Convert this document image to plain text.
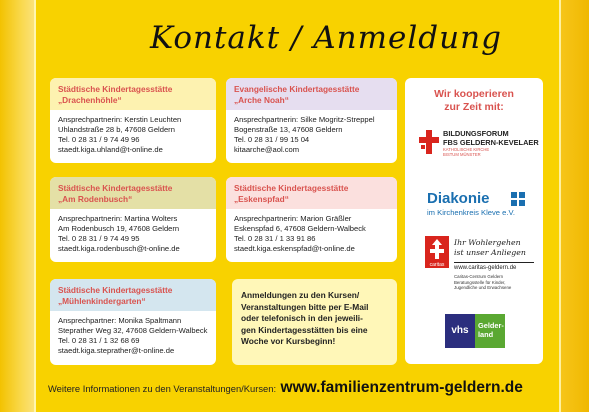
Kontakt / Anmeldung
Städtische Kindertagesstätte
„Drachenhöhle“
Ansprechpartnerin: Kerstin Leuchten
Uhlandstraße 28 b, 47608 Geldern
Tel. 0 28 31 / 9 74 49 96
staedt.kiga.uhland@t-online.de
Evangelische Kindertagesstätte
„Arche Noah“
Ansprechpartnerin: Silke Mogritz-Streppel
Bogenstraße 13, 47608 Geldern
Tel. 0 28 31 / 99 15 04
kitaarche@aol.com
Städtische Kindertagesstätte
„Am Rodenbusch“
Ansprechpartnerin: Martina Wolters
Am Rodenbusch 19, 47608 Geldern
Tel. 0 28 31 / 9 74 49 95
staedt.kiga.rodenbusch@t-online.de
Städtische Kindertagesstätte
„Eskenspfad“
Ansprechpartnerin: Marion Gräßler
Eskenspfad 6, 47608 Geldern-Walbeck
Tel. 0 28 31 / 1 33 91 86
staedt.kiga.eskenspfad@t-online.de
Städtische Kindertagesstätte
„Mühlenkindergarten“
Ansprechpartner: Monika Spaltmann
Steprather Weg 32, 47608 Geldern-Walbeck
Tel. 0 28 31 / 1 32 68 69
staedt.kiga.steprather@t-online.de
Anmeldungen zu den Kursen/
Veranstaltungen bitte per E-Mail
oder telefonisch in den jeweili-
gen Kindertagesstätten bis eine
Woche vor Kursbeginn!
Wir kooperieren
zur Zeit mit:
BILDUNGSFORUM
FBS GELDERN-KEVELAER
KATHOLISCHE KIRCHE
BISTUM MÜNSTER
Diakonie
im Kirchenkreis Kleve e.V.
caritas
Ihr Wohlergehen
ist unser Anliegen
www.caritas-geldern.de
Caritas-Centrum Geldern
Beratungsstelle für Kinder,
Jugendliche und Erwachsene
vhs	Gelder-
land
Weitere Informationen zu den Veranstaltungen/Kursen: www.familienzentrum-geldern.de
